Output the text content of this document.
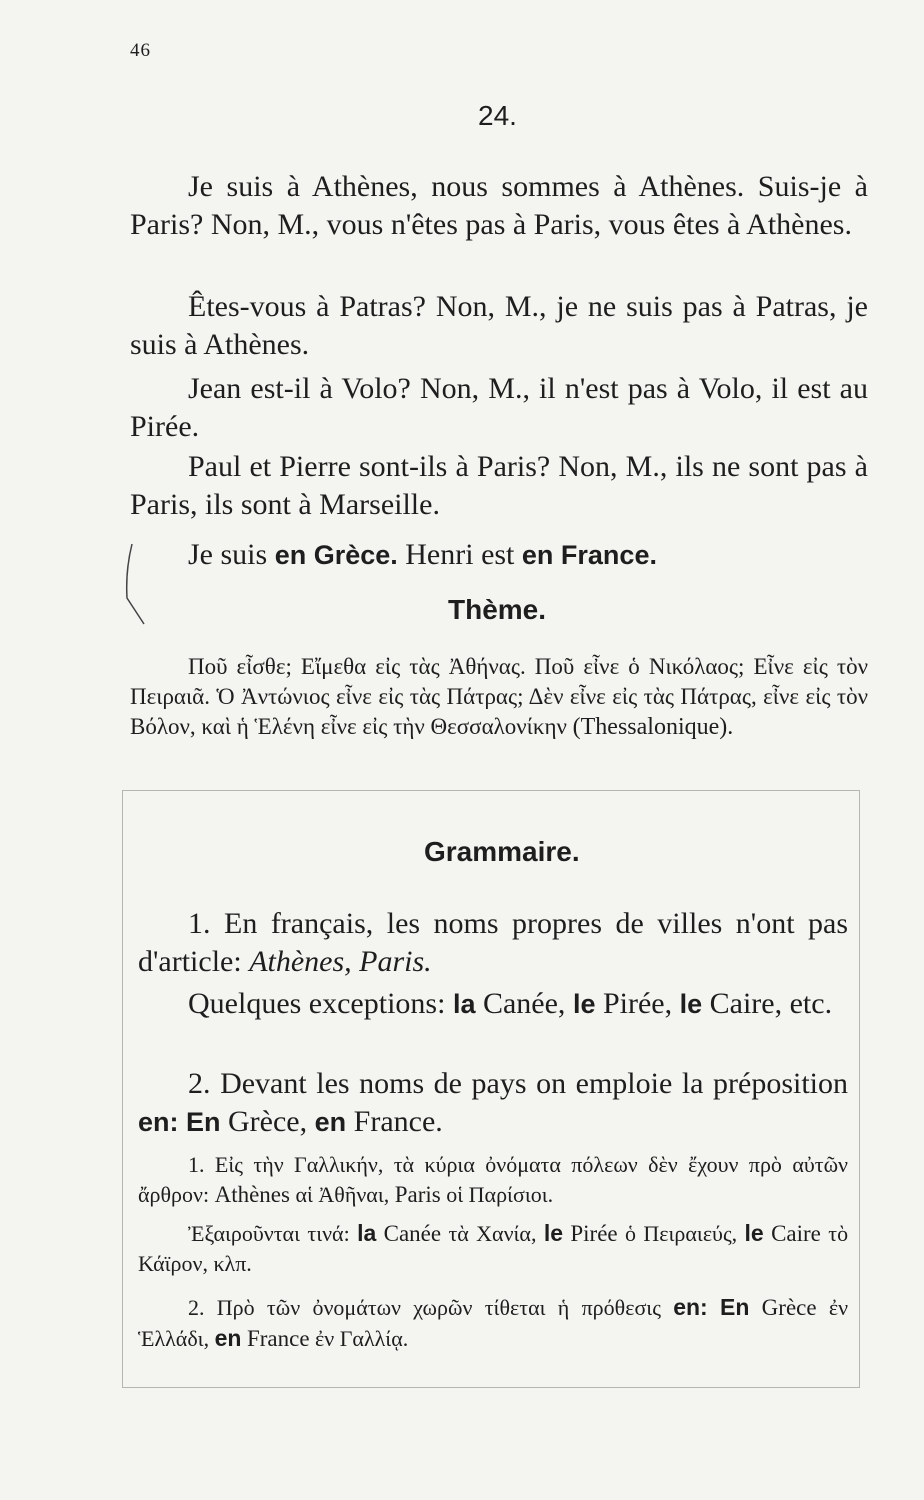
46
24.

Je suis à Athènes, nous sommes à Athènes. Suis-je à Paris? Non, M., vous n'êtes pas à Paris, vous êtes à Athènes.

Êtes-vous à Patras? Non, M., je ne suis pas à Patras, je suis à Athènes.

Jean est-il à Volo? Non, M., il n'est pas à Volo, il est au Pirée.

Paul et Pierre sont-ils à Paris? Non, M., ils ne sont pas à Paris, ils sont à Marseille.

Je suis en Grèce. Henri est en France.

Thème.

Ποῦ εἶσθε; Εἴμεθα εἰς τὰς Ἀθήνας. Ποῦ εἶνε ὁ Νικόλαος; Εἶνε εἰς τὸν Πειραιᾶ. Ὁ Ἀντώνιος εἶνε εἰς τὰς Πάτρας; Δὲν εἶνε εἰς τὰς Πάτρας, εἶνε εἰς τὸν Βόλον, καὶ ἡ Ἑλένη εἶνε εἰς τὴν Θεσσαλονίκην (Thessalonique).

Grammaire.

1. En français, les noms propres de villes n'ont pas d'article: Athènes, Paris.

Quelques exceptions: la Canée, le Pirée, le Caire, etc.

2. Devant les noms de pays on emploie la préposition en: En Grèce, en France.

1. Εἰς τὴν Γαλλικήν, τὰ κύρια ὀνόματα πόλεων δὲν ἔχουν πρὸ αὐτῶν ἄρθρον: Athènes αἱ Ἀθῆναι, Paris οἱ Παρίσιοι.

Ἐξαιροῦνται τινά: la Canée τὰ Χανία, le Pirée ὁ Πειραιεύς, le Caire τὸ Κάϊρον, κλπ.

2. Πρὸ τῶν ὀνομάτων χωρῶν τίθεται ἡ πρόθεσις en: En Grèce ἐν Ἑλλάδι, en France ἐν Γαλλίᾳ.
